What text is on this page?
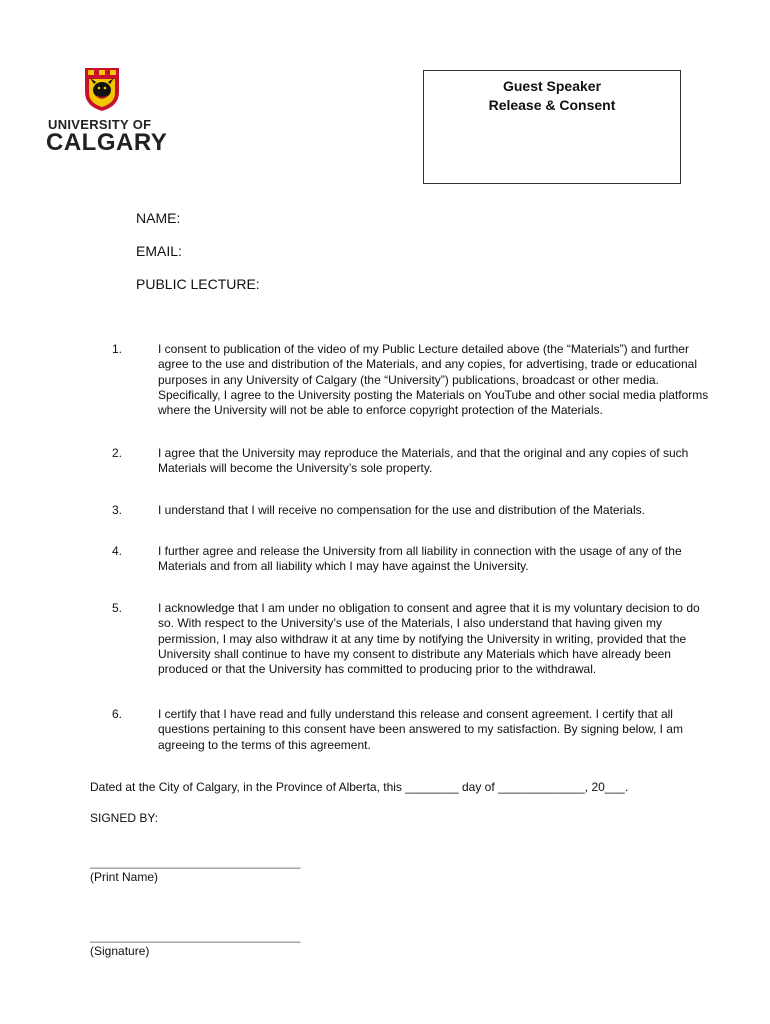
UNIVERSITY OF
CALGARY
Guest Speaker
Release & Consent
NAME:
EMAIL:
PUBLIC LECTURE:
1.	I consent to publication of the video of my Public Lecture detailed above (the “Materials”) and further agree to the use and distribution of the Materials, and any copies, for advertising, trade or educational purposes in any University of Calgary (the “University”) publications, broadcast or other media. Specifically, I agree to the University posting the Materials on YouTube and other social media platforms where the University will not be able to enforce copyright protection of the Materials.
2.	I agree that the University may reproduce the Materials, and that the original and any copies of such Materials will become the University’s sole property.
3.	I understand that I will receive no compensation for the use and distribution of the Materials.
4.	I further agree and release the University from all liability in connection with the usage of any of the Materials and from all liability which I may have against the University.
5.	I acknowledge that I am under no obligation to consent and agree that it is my voluntary decision to do so. With respect to the University’s use of the Materials, I also understand that having given my permission, I may also withdraw it at any time by notifying the University in writing, provided that the University shall continue to have my consent to distribute any Materials which have already been produced or that the University has committed to producing prior to the withdrawal.
6.	I certify that I have read and fully understand this release and consent agreement. I certify that all questions pertaining to this consent have been answered to my satisfaction. By signing below, I am agreeing to the terms of this agreement.
Dated at the City of Calgary, in the Province of Alberta, this ________ day of _____________, 20___.
SIGNED BY:
__________________________________
(Print Name)
__________________________________
(Signature)
